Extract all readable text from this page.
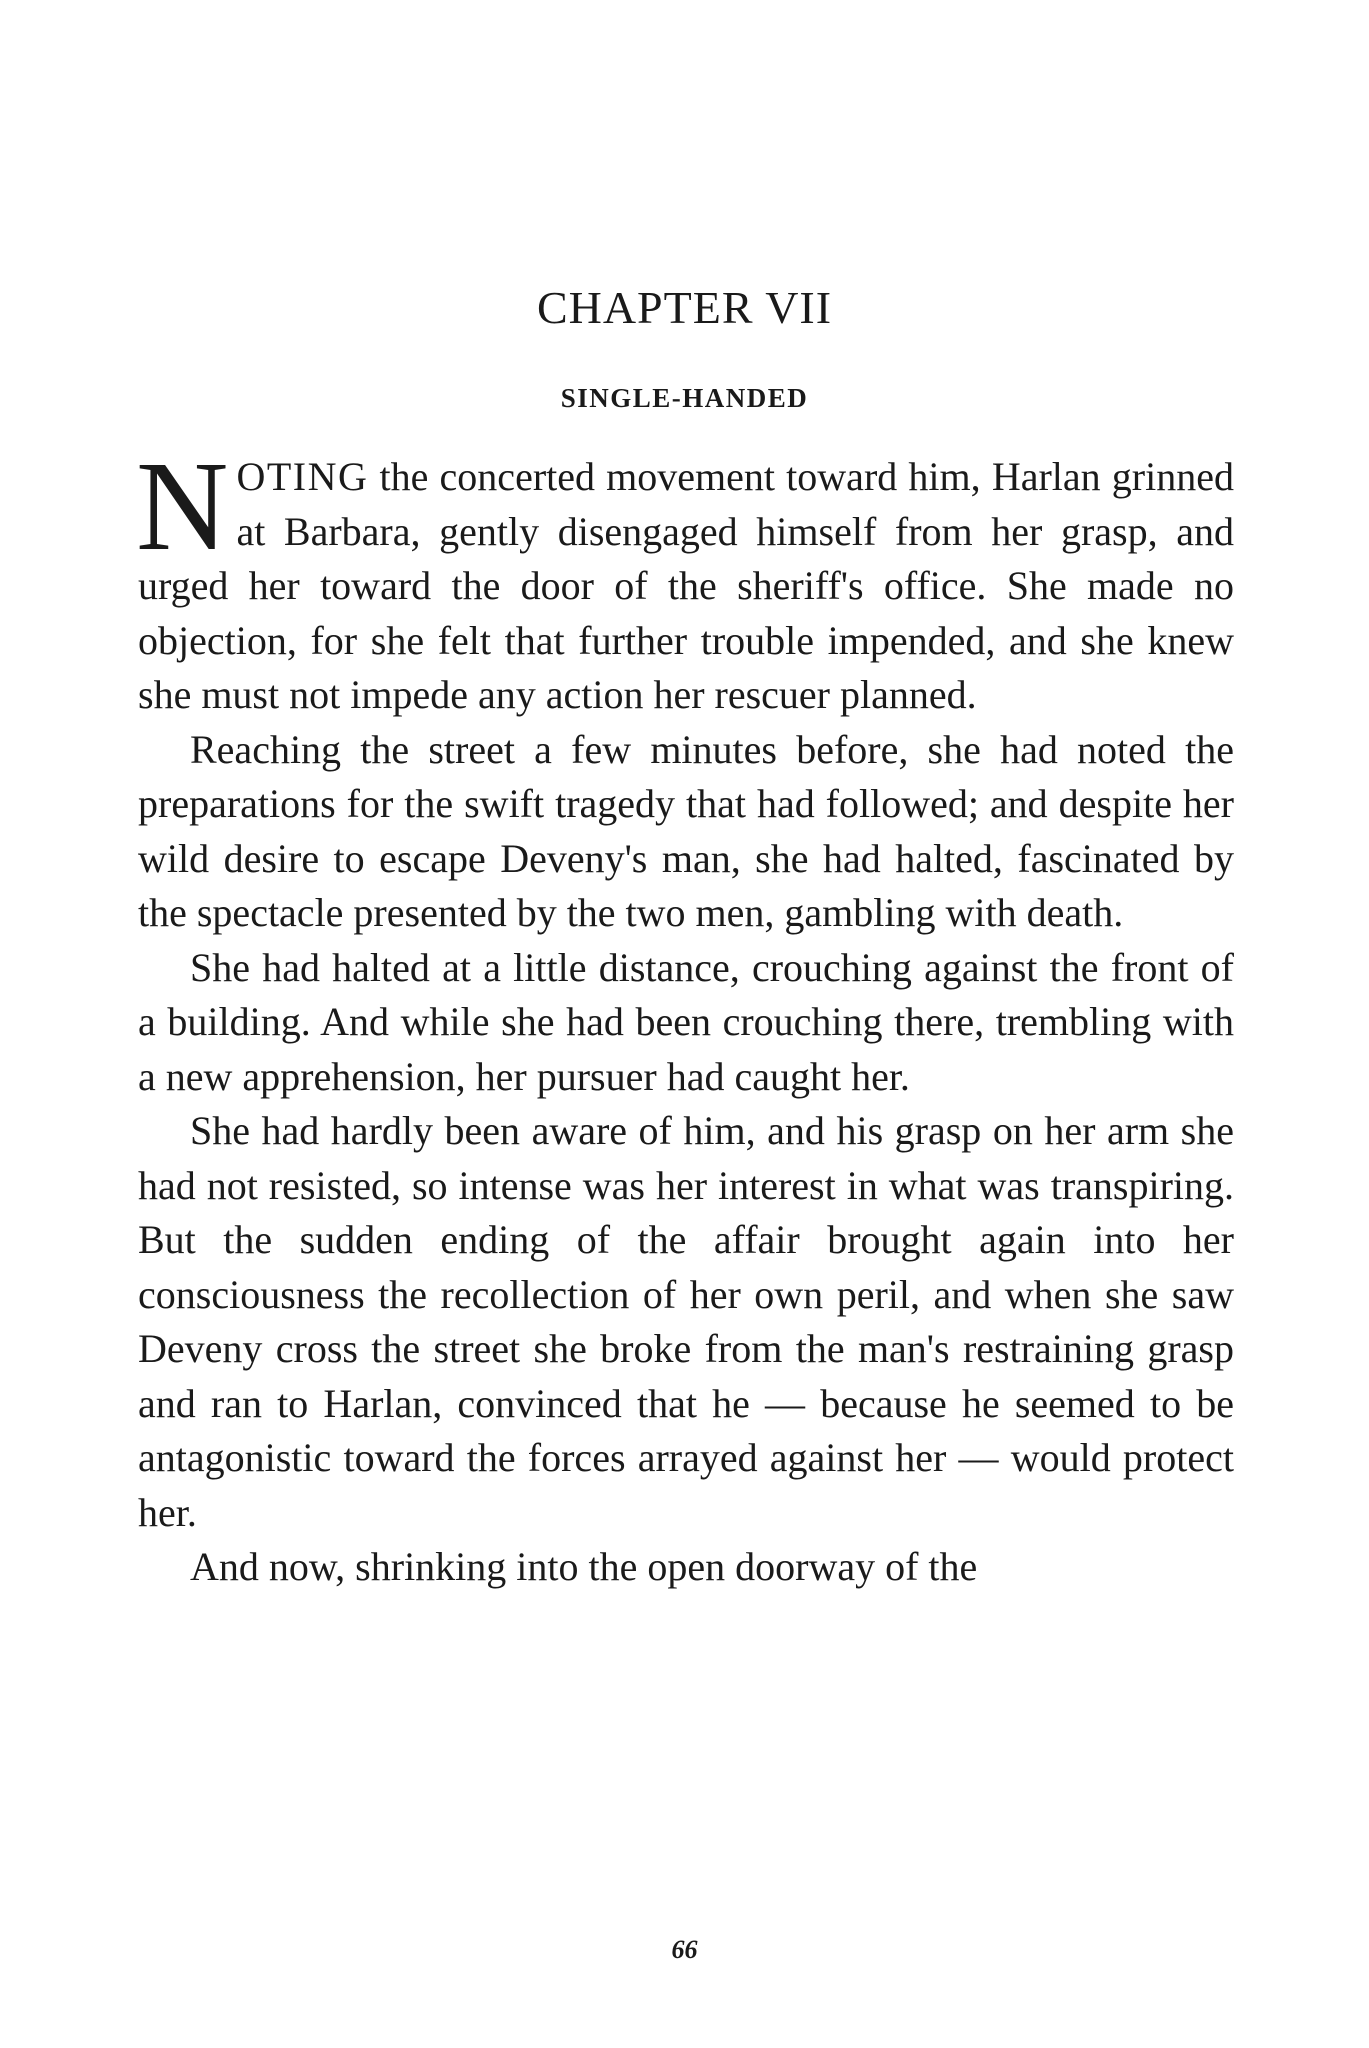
CHAPTER VII
SINGLE-HANDED

NOTING the concerted movement toward him, Harlan grinned at Barbara, gently disengaged himself from her grasp, and urged her toward the door of the sheriff's office. She made no objection, for she felt that further trouble impended, and she knew she must not impede any action her rescuer planned.

Reaching the street a few minutes before, she had noted the preparations for the swift tragedy that had followed; and despite her wild desire to escape Deveny's man, she had halted, fascinated by the spectacle presented by the two men, gambling with death.

She had halted at a little distance, crouching against the front of a building. And while she had been crouching there, trembling with a new apprehension, her pursuer had caught her.

She had hardly been aware of him, and his grasp on her arm she had not resisted, so intense was her interest in what was transpiring. But the sudden ending of the affair brought again into her consciousness the recollection of her own peril, and when she saw Deveny cross the street she broke from the man's restraining grasp and ran to Harlan, convinced that he — because he seemed to be antagonistic toward the forces arrayed against her — would protect her.

And now, shrinking into the open doorway of the

66
